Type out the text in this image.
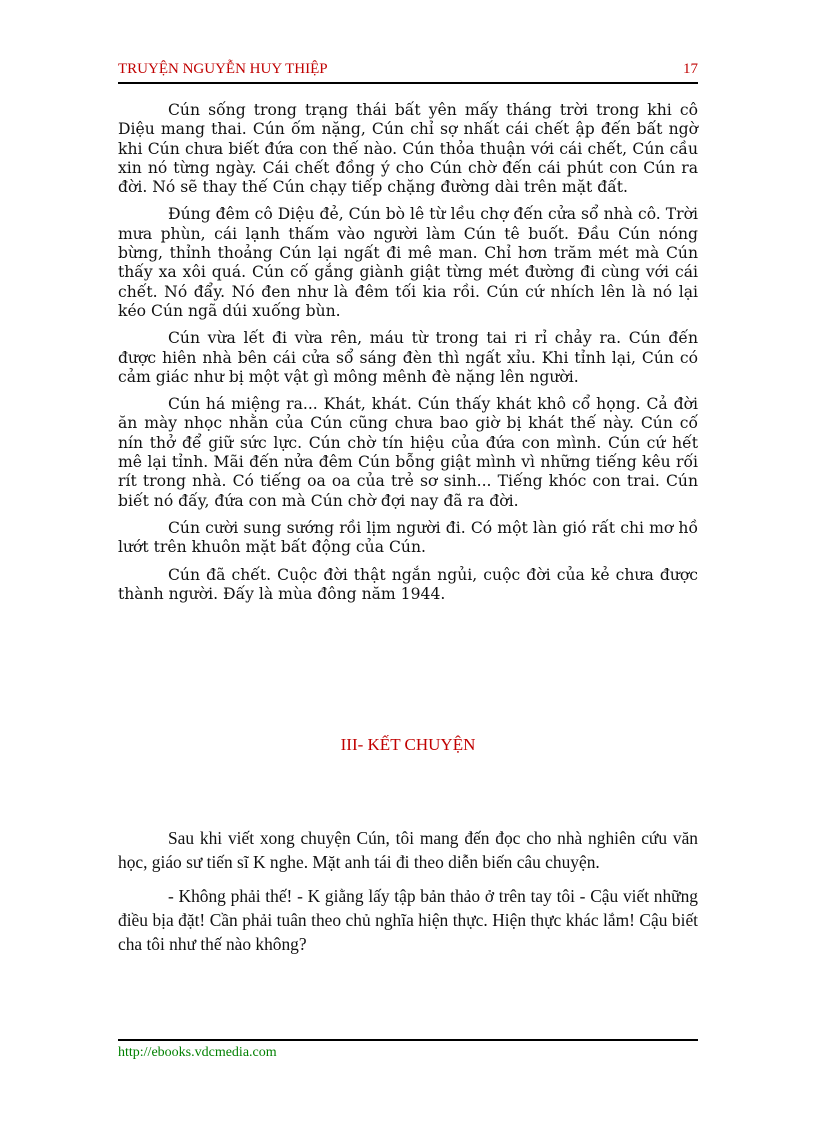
TRUYỆN NGUYỄN HUY THIỆP	17

Cún sống trong trạng thái bất yên mấy tháng trời trong khi cô Diệu mang thai. Cún ốm nặng, Cún chỉ sợ nhất cái chết ập đến bất ngờ khi Cún chưa biết đứa con thế nào. Cún thỏa thuận với cái chết, Cún cầu xin nó từng ngày. Cái chết đồng ý cho Cún chờ đến cái phút con Cún ra đời. Nó sẽ thay thế Cún chạy tiếp chặng đường dài trên mặt đất.

Đúng đêm cô Diệu đẻ, Cún bò lê từ lều chợ đến cửa sổ nhà cô. Trời mưa phùn, cái lạnh thấm vào người làm Cún tê buốt. Đầu Cún nóng bừng, thỉnh thoảng Cún lại ngất đi mê man. Chỉ hơn trăm mét mà Cún thấy xa xôi quá. Cún cố gắng giành giật từng mét đường đi cùng với cái chết. Nó đẩy. Nó đen như là đêm tối kia rồi. Cún cứ nhích lên là nó lại kéo Cún ngã dúi xuống bùn.

Cún vừa lết đi vừa rên, máu từ trong tai ri rỉ chảy ra. Cún đến được hiên nhà bên cái cửa sổ sáng đèn thì ngất xỉu. Khi tỉnh lại, Cún có cảm giác như bị một vật gì mông mênh đè nặng lên người.

Cún há miệng ra... Khát, khát. Cún thấy khát khô cổ họng. Cả đời ăn mày nhọc nhằn của Cún cũng chưa bao giờ bị khát thế này. Cún cố nín thở để giữ sức lực. Cún chờ tín hiệu của đứa con mình. Cún cứ hết mê lại tỉnh. Mãi đến nửa đêm Cún bỗng giật mình vì những tiếng kêu rối rít trong nhà. Có tiếng oa oa của trẻ sơ sinh... Tiếng khóc con trai. Cún biết nó đấy, đứa con mà Cún chờ đợi nay đã ra đời.

Cún cười sung sướng rồi lịm người đi. Có một làn gió rất chi mơ hồ lướt trên khuôn mặt bất động của Cún.

Cún đã chết. Cuộc đời thật ngắn ngủi, cuộc đời của kẻ chưa được thành người. Đấy là mùa đông năm 1944.

III- KẾT CHUYỆN

Sau khi viết xong chuyện Cún, tôi mang đến đọc cho nhà nghiên cứu văn học, giáo sư tiến sĩ K nghe. Mặt anh tái đi theo diễn biến câu chuyện.

- Không phải thế! - K giằng lấy tập bản thảo ở trên tay tôi - Cậu viết những điều bịa đặt! Cần phải tuân theo chủ nghĩa hiện thực. Hiện thực khác lắm! Cậu biết cha tôi như thế nào không?

http://ebooks.vdcmedia.com
